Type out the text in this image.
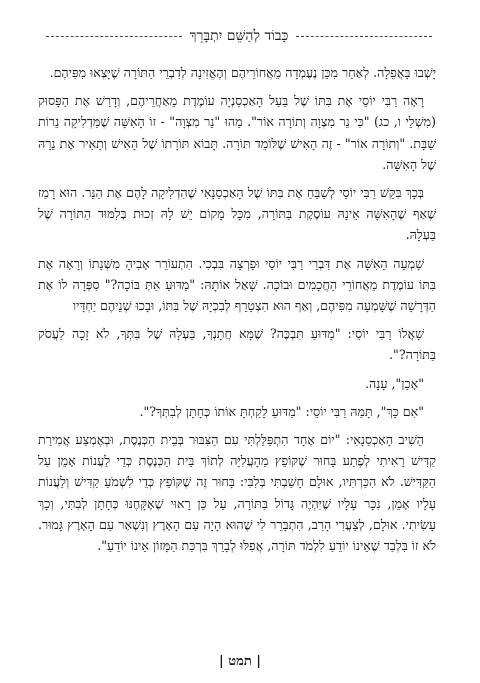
כָּבוֹד לְהַשֵּׁם יִתְבָּרֵךְ

יָשְׁבוּ בָּאֲפֵלָה. לְאַחַר מִכֵּן נֶעֶמְדָה מֵאֲחוֹרֵיהֶם וְהֶאֱזִינָה לְדִבְרֵי הַתּוֹרָה שֶׁיָּצְאוּ מִפִּיהֶם.

רָאָה רַבִּי יוֹסֵי אֶת בִּתּוֹ שֶׁל בַּעַל הָאַכְסַנְיָה עוֹמֶדֶת מֵאַחֲרֵיהֶם, וְדָרַשׁ אֶת הַפָּסוּק (מִשְׁלֵי ו, כג) "כִּי נֵר מִצְוָה וְתוֹרָה אוֹר". מַהוּ "נֵר מִצְוָה" - זוֹ הָאִשָּׁה שֶׁמַּדְלִיקָה נֵרוֹת שַׁבָּת. "וְתוֹרָה אוֹר" - זֶה הָאִישׁ שֶׁלּוֹמֵד תּוֹרָה. תָּבוֹא תּוֹרָתוֹ שֶׁל הָאִישׁ וְתָאִיר אֶת נֵרָהּ שֶׁל הָאִשָּׁה.

בְּכָךְ בִּקֵּשׁ רַבִּי יוֹסֵי לְשַׁבֵּחַ אֶת בִּתּוֹ שֶׁל הָאַכְסַנָאִי שֶׁהִדְלִיקָה לָהֶם אֶת הַנֵּר. הוּא רָמַז שֶׁאַף שֶׁהָאִשָּׁה אֵינָהּ עוֹסֶקֶת בַּתּוֹרָה, מִכָּל מָקוֹם יֵשׁ לָהּ זְכוּת בְּלִמּוּד הַתּוֹרָה שֶׁל בַּעְלָהּ.

שָׁמְעָה הָאִשָּׁה אֶת דִּבְרֵי רַבִּי יוֹסֵי וּפָרְצָה בִּבְכִי. הִתְעוֹרֵר אָבִיהָ מִשְּׁנָתוֹ וְרָאָה אֶת בִּתּוֹ עוֹמֶדֶת מֵאֲחוֹרֵי הַחֲכָמִים וּבוֹכָה. שָׁאַל אוֹתָהּ: "מַדּוּעַ אַתְּ בּוֹכָה?" סִפְּרָה לוֹ אֶת הַדְּרָשָׁה שֶׁשָּׁמְעָה מִפִּיהֶם, וְאַף הוּא הִצְטָרֵף לְבִכְיָהּ שֶׁל בִּתּוֹ, וּבָכוּ שְׁנֵיהֶם יַחְדָּיו

שָׁאֲלוֹ רַבִּי יוֹסֵי: "מַדּוּעַ תִּבְכֶּה? שֶׁמָּא חֲתָנְךָ, בַּעְלָהּ שֶׁל בִּתְּךָ, לֹא זָכָה לַעֲסֹק בַּתּוֹרָה?".

"אָכֵן", עָנָה.

"אִם כָּךְ", תָּמַהּ רַבִּי יוֹסֵי: "מַדּוּעַ לָקַחְתָּ אוֹתוֹ כְּחָתָן לְבִתְּךָ?".

הֵשִׁיב הָאַכְסַנָאִי: "יוֹם אֶחָד הִתְפַּלַּלְתִּי עִם הַצִּבּוּר בְּבֵית הַכְּנֶסֶת, וּבְאֶמְצַע אֲמִירַת קַדִּישׁ רָאִיתִי לְפֶתַע בָּחוּר שֶׁקּוֹפֵץ מֵהָעֲלִיָּה לְתוֹךְ בֵּית הַכְּנֶסֶת כְּדֵי לַעֲנוֹת אָמֵן עַל הַקַּדִּישׁ. לֹא הִכַּרְתִּיו, אוּלָם חָשַׁבְתִּי בְּלִבִּי: בָּחוּר זֶה שֶׁקּוֹפֵץ כְּדֵי לִשְׁמֹעַ קַדִּישׁ וְלַעֲנוֹת עָלָיו אָמֵן, נִכָּר עָלָיו שֶׁיִּהְיֶה גָּדוֹל בַּתּוֹרָה, עַל כֵּן רָאוּי שֶׁאֶקָּחֶנּוּ כְּחָתָן לְבִתִּי, וְכָךְ עָשִׂיתִי. אוּלָם, לְצַעֲרִי הָרַב, הִתְבָּרֵר לִי שֶׁהוּא הָיָה עַם הָאָרֶץ וְנִשְׁאַר עַם הָאָרֶץ גָּמוּר. לֹא זוֹ בִּלְבַד שֶׁאֵינוֹ יוֹדֵעַ לִלְמֹד תּוֹרָה, אֲפִלּוּ לְבָרֵךְ בִּרְכַּת הַמָּזוֹן אֵינוֹ יוֹדֵעַ".

| תמט |
